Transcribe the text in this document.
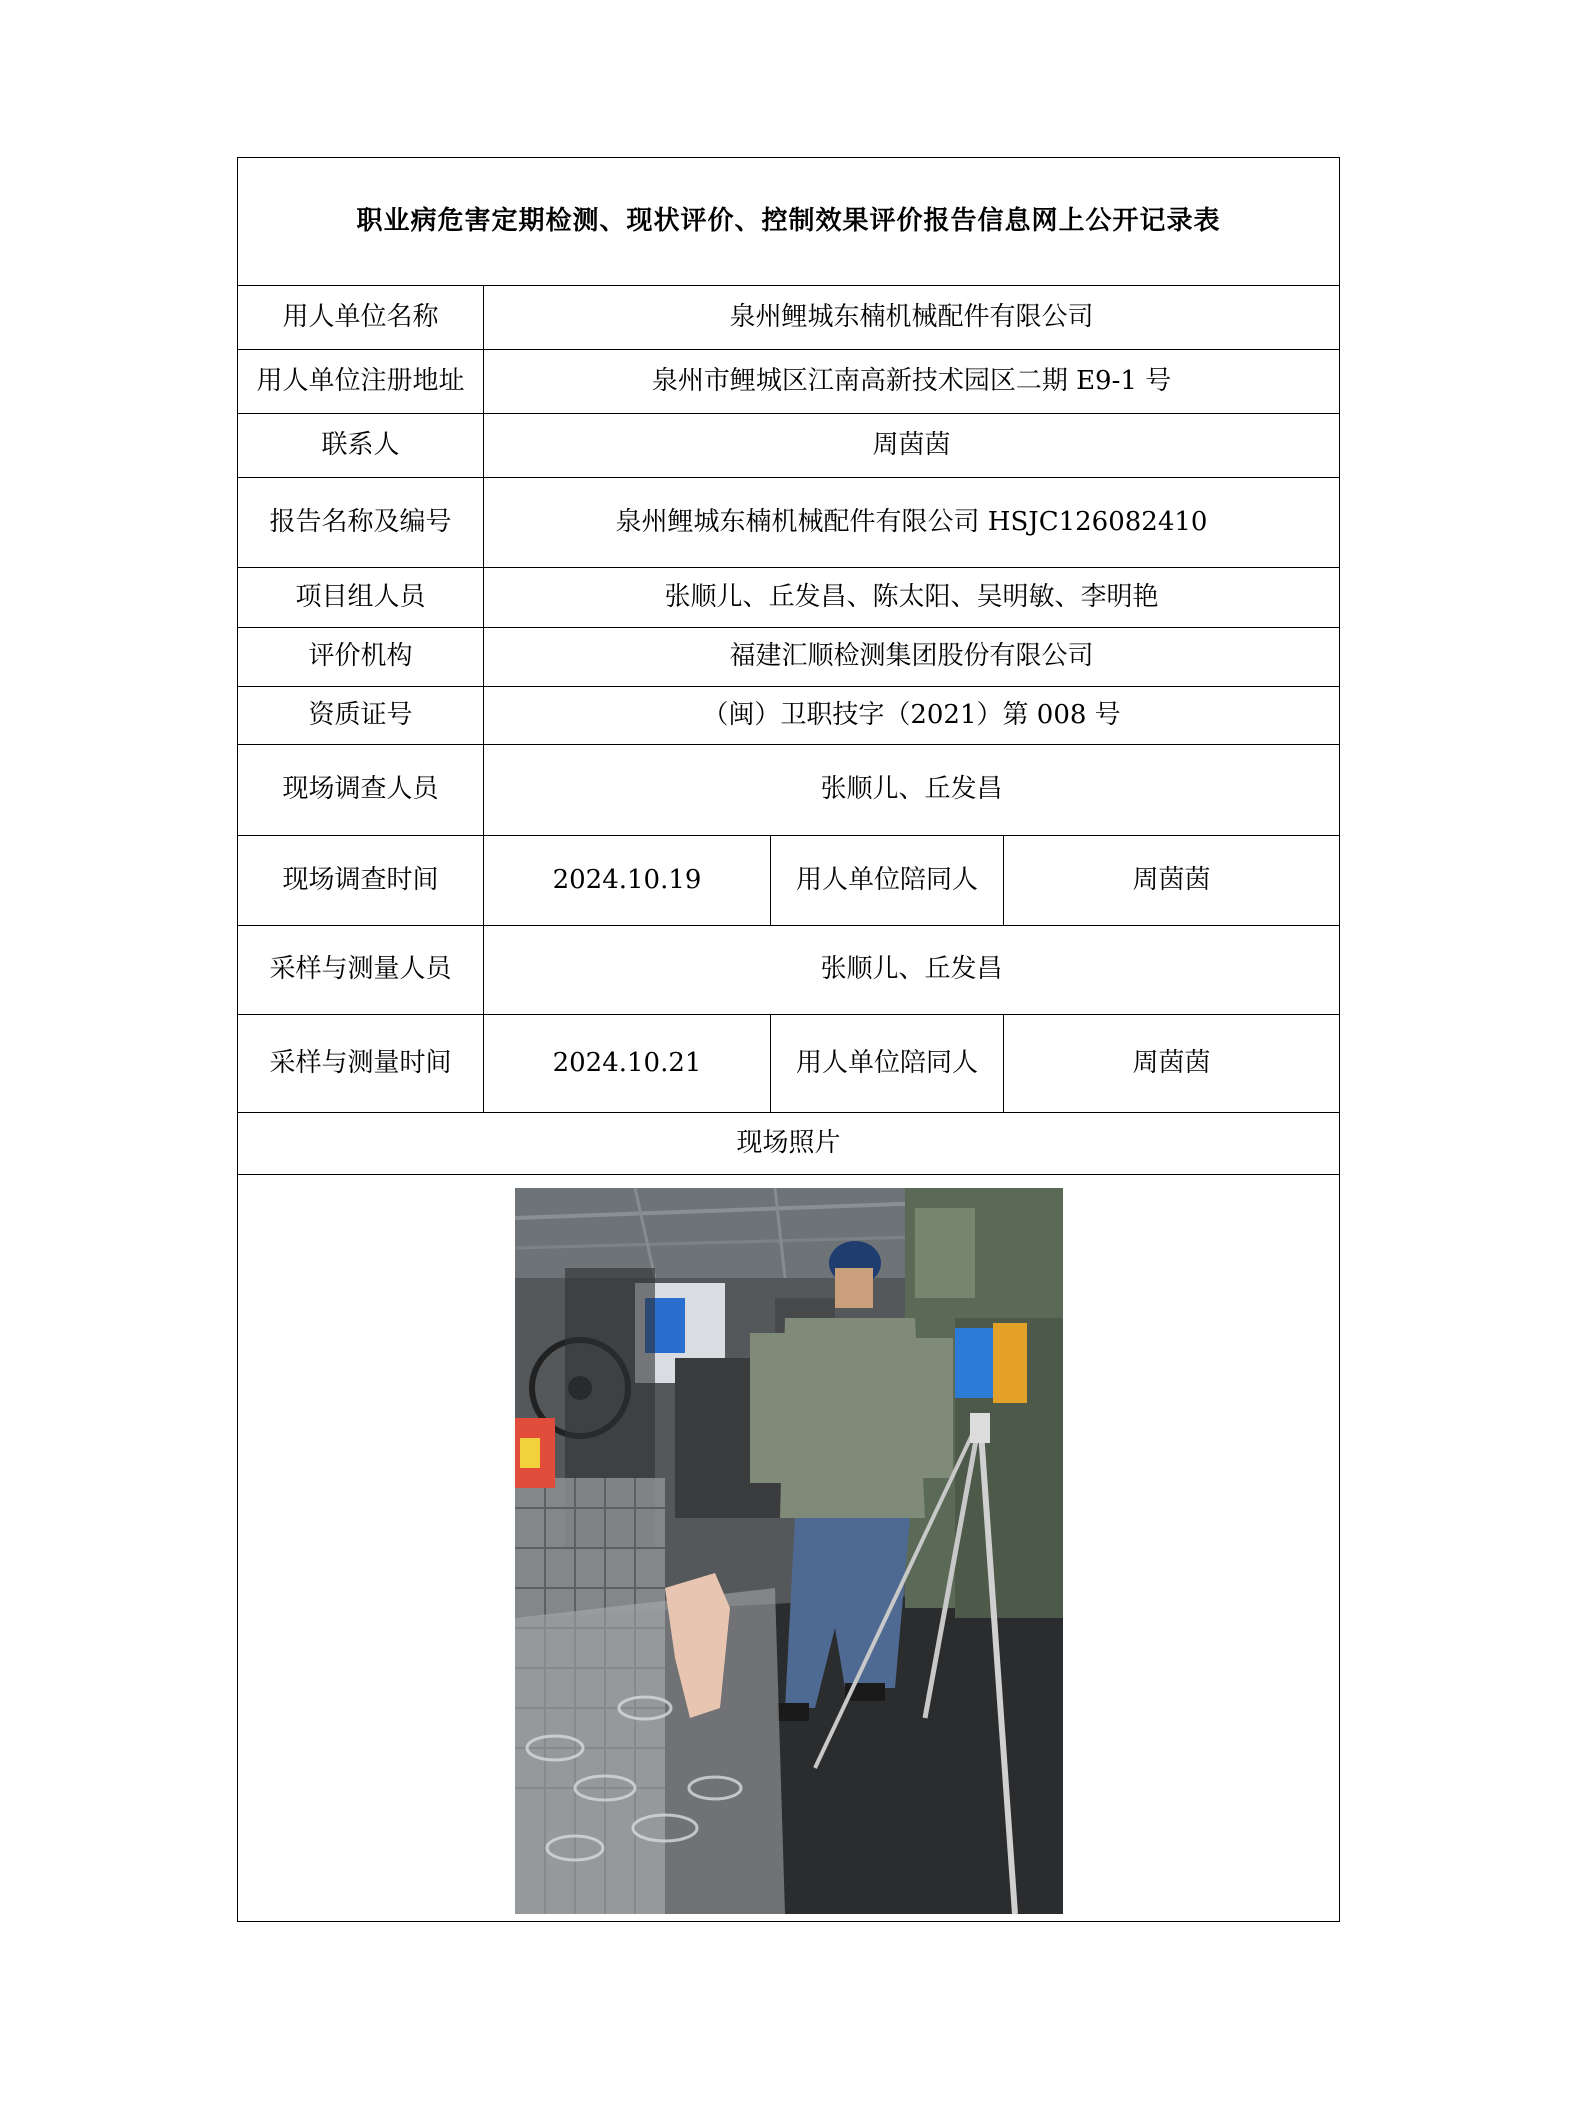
职业病危害定期检测、现状评价、控制效果评价报告信息网上公开记录表			
用人单位名称	泉州鲤城东楠机械配件有限公司		
用人单位注册地址	泉州市鲤城区江南高新技术园区二期 E9-1 号		
联系人	周茵茵		
报告名称及编号	泉州鲤城东楠机械配件有限公司 HSJC126082410		
项目组人员	张顺儿、丘发昌、陈太阳、吴明敏、李明艳		
评价机构	福建汇顺检测集团股份有限公司		
资质证号	（闽）卫职技字（2021）第 008 号		
现场调查人员	张顺儿、丘发昌		
现场调查时间	2024.10.19	用人单位陪同人	周茵茵
采样与测量人员	张顺儿、丘发昌		
采样与测量时间	2024.10.21	用人单位陪同人	周茵茵
现场照片			
